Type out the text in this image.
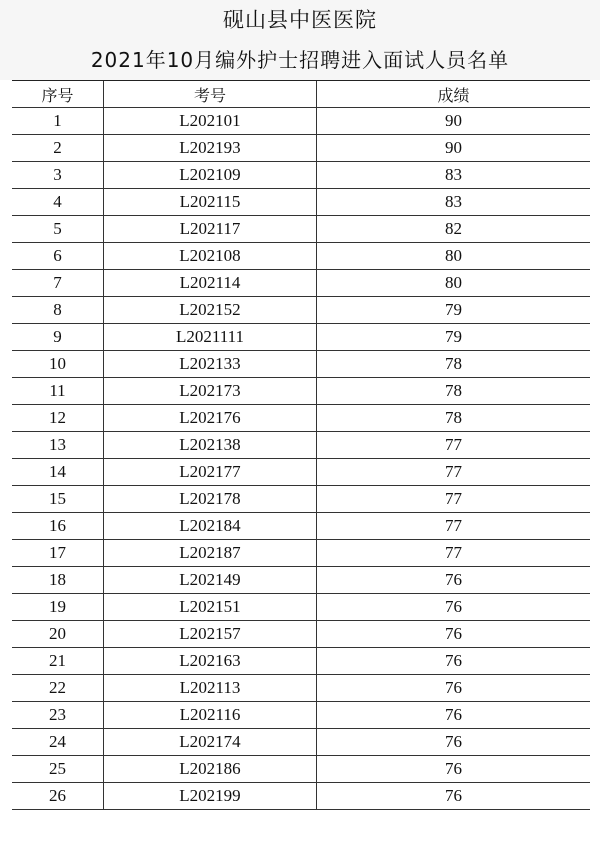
砚山县中医医院
2021年10月编外护士招聘进入面试人员名单
序号	考号	成绩
1	L202101	90
2	L202193	90
3	L202109	83
4	L202115	83
5	L202117	82
6	L202108	80
7	L202114	80
8	L202152	79
9	L2021111	79
10	L202133	78
11	L202173	78
12	L202176	78
13	L202138	77
14	L202177	77
15	L202178	77
16	L202184	77
17	L202187	77
18	L202149	76
19	L202151	76
20	L202157	76
21	L202163	76
22	L202113	76
23	L202116	76
24	L202174	76
25	L202186	76
26	L202199	76
